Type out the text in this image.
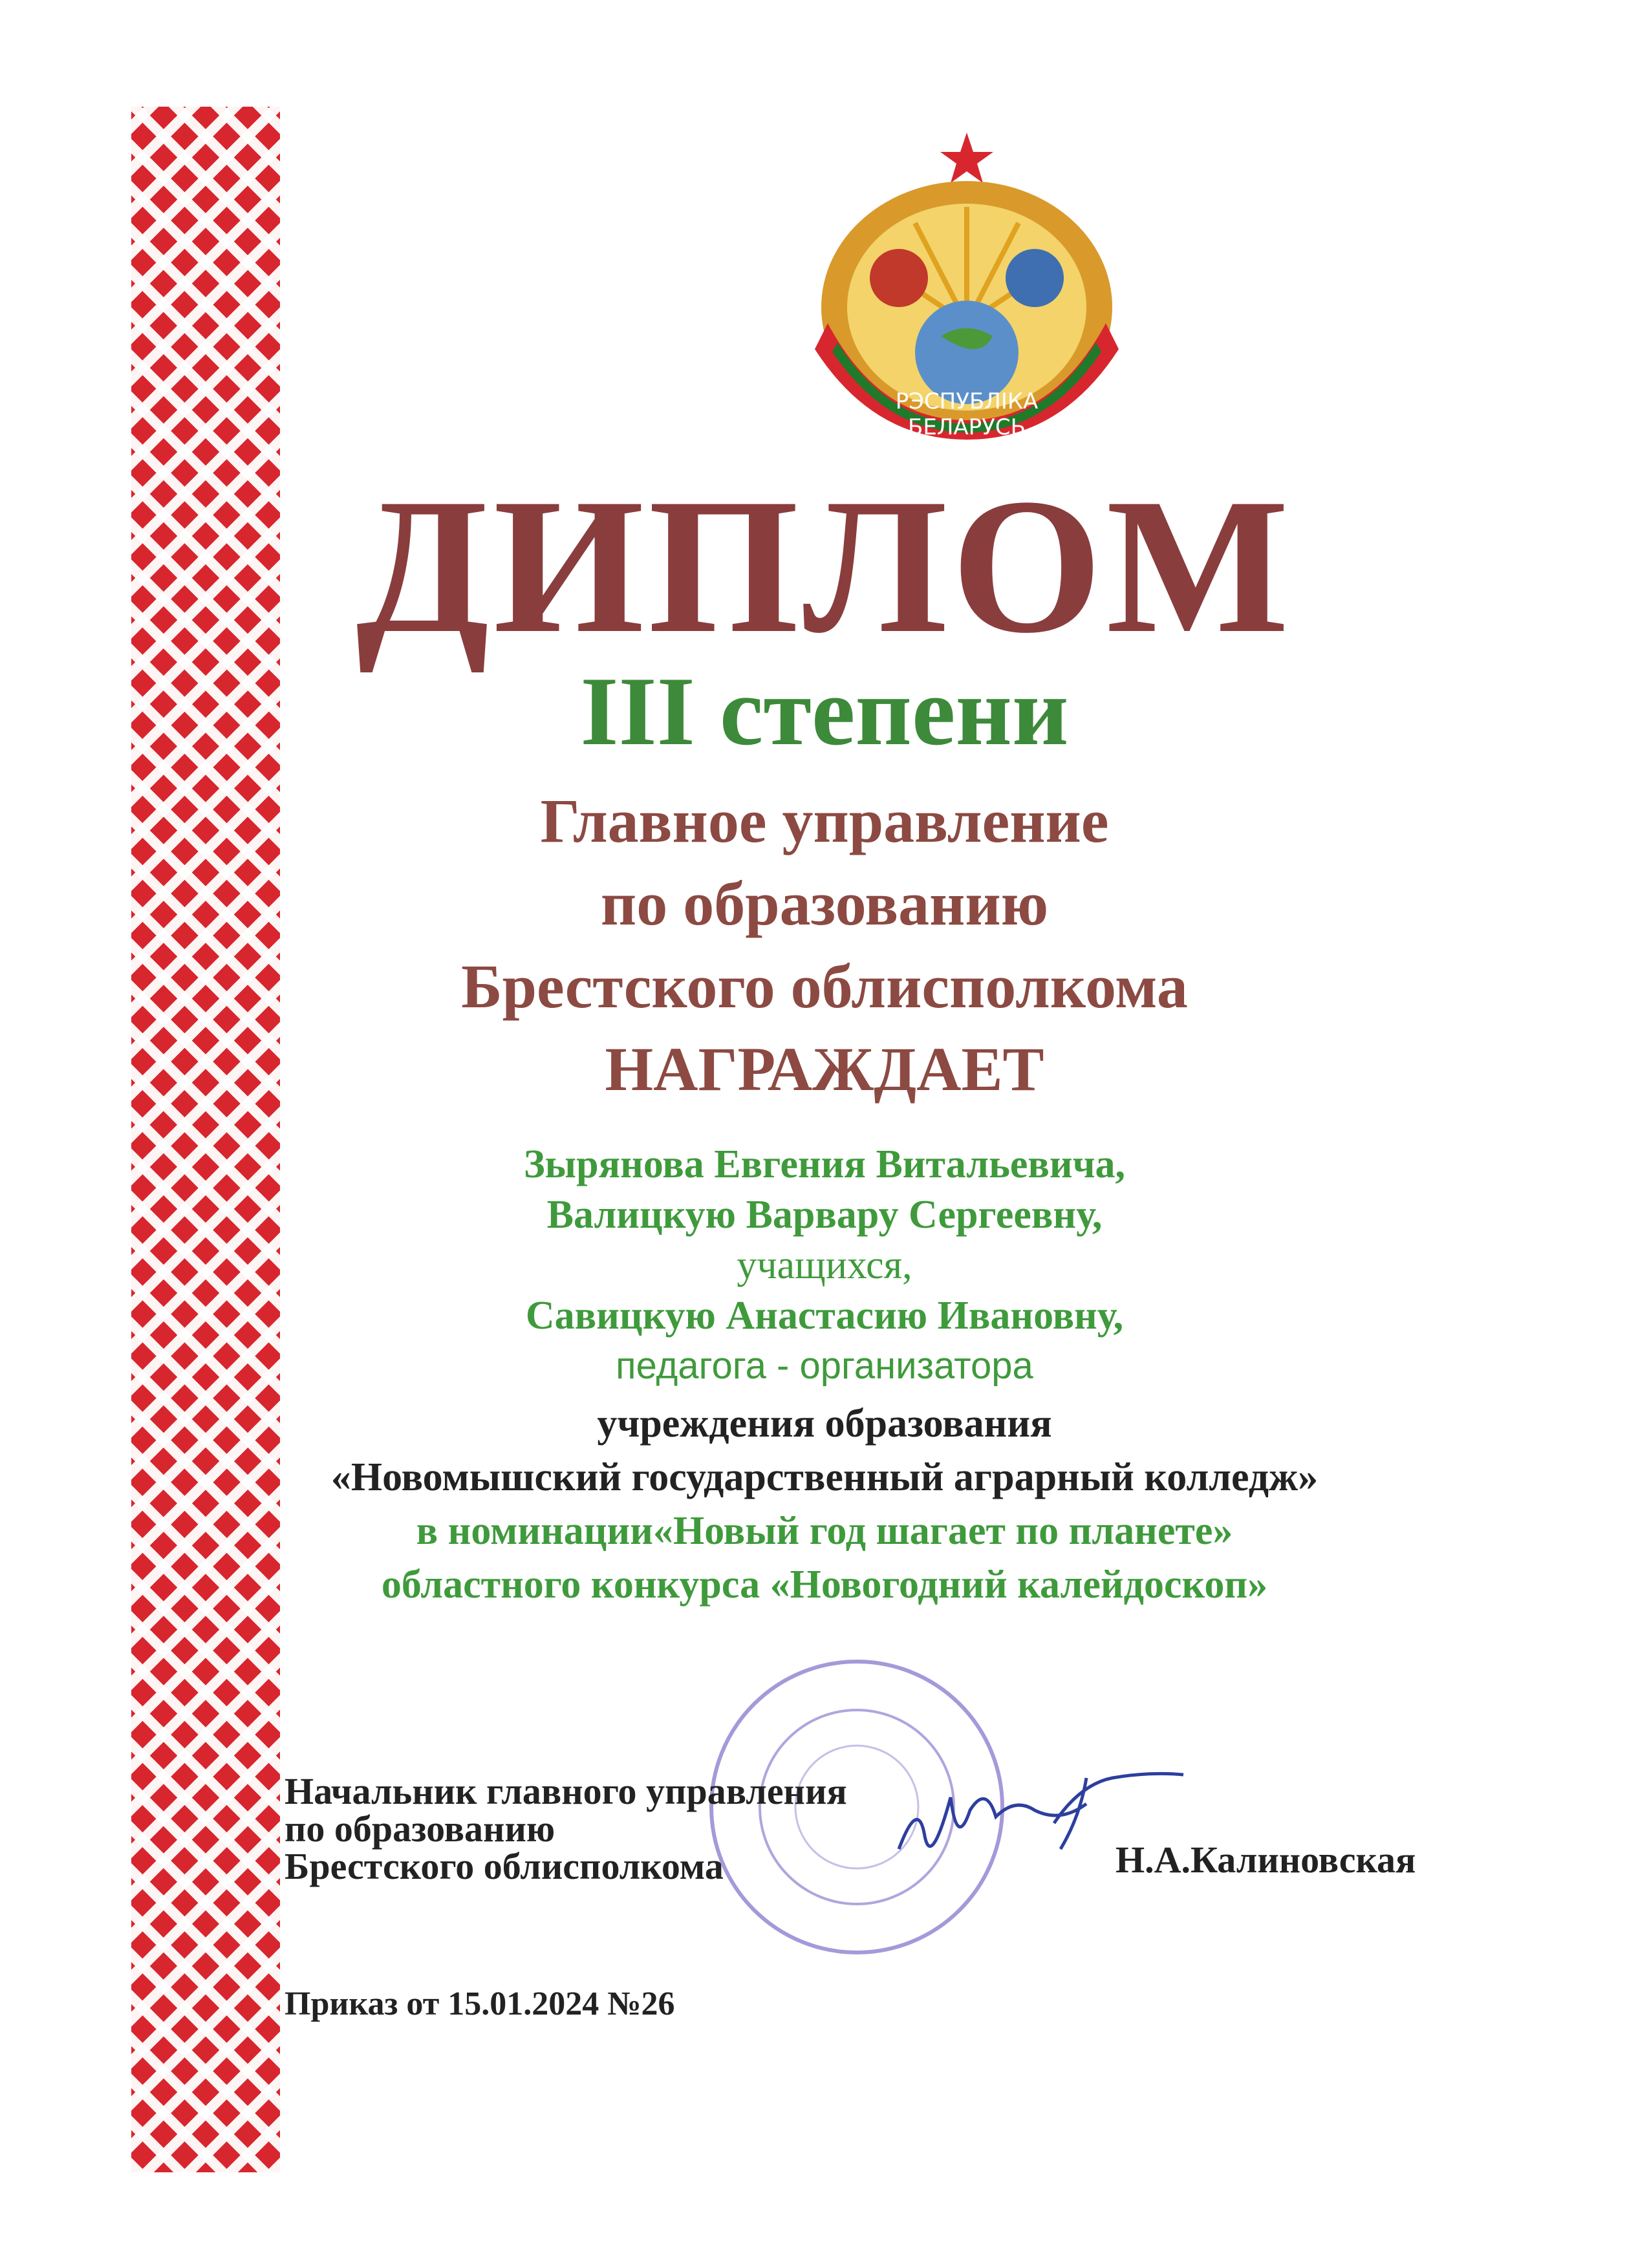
РЭСПУБЛІКА
БЕЛАРУСЬ
ДИПЛОМ
III степени
Главное управление
по образованию
Брестского облисполкома
НАГРАЖДАЕТ
Зырянова Евгения Витальевича,
Валицкую Варвару Сергеевну,
учащихся,
Савицкую Анастасию Ивановну,
педагога - организатора
учреждения образования
«Новомышский государственный аграрный колледж»
в номинации«Новый год шагает по планете»
областного конкурса «Новогодний калейдоскоп»
Начальник главного управления
по образованию
Брестского облисполкома	Н.А.Калиновская
Приказ от 15.01.2024 №26
